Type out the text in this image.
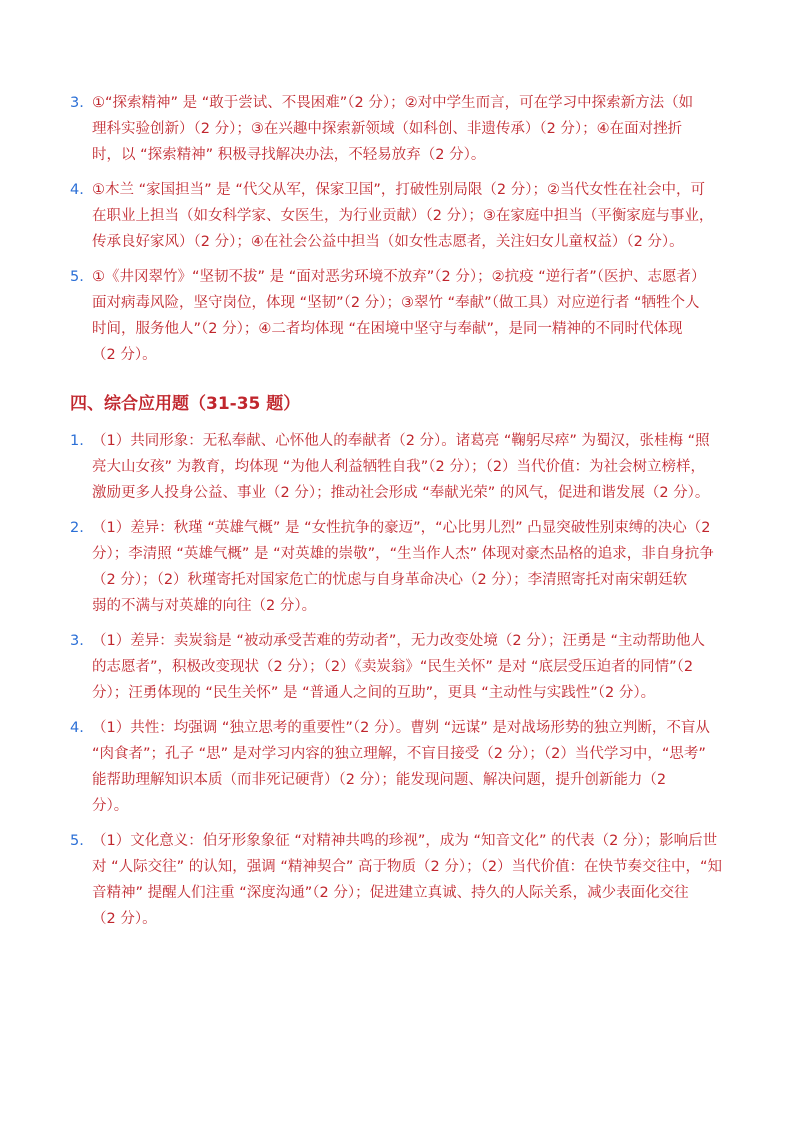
3. ①“探索精神” 是 “敢于尝试、不畏困难”（2 分）；②对中学生而言，可在学习中探索新方法（如
理科实验创新）（2 分）；③在兴趣中探索新领域（如科创、非遗传承）（2 分）；④在面对挫折
时，以 “探索精神” 积极寻找解决办法，不轻易放弃（2 分）。
4. ①木兰 “家国担当” 是 “代父从军，保家卫国”，打破性别局限（2 分）；②当代女性在社会中，可
在职业上担当（如女科学家、女医生，为行业贡献）（2 分）；③在家庭中担当（平衡家庭与事业，
传承良好家风）（2 分）；④在社会公益中担当（如女性志愿者，关注妇女儿童权益）（2 分）。
5. ①《井冈翠竹》“坚韧不拔” 是 “面对恶劣环境不放弃”（2 分）；②抗疫 “逆行者”（医护、志愿者）
面对病毒风险，坚守岗位，体现 “坚韧”（2 分）；③翠竹 “奉献”（做工具）对应逆行者 “牺牲个人
时间，服务他人”（2 分）；④二者均体现 “在困境中坚守与奉献”，是同一精神的不同时代体现
（2 分）。
四、综合应用题（31-35 题）
1. （1）共同形象：无私奉献、心怀他人的奉献者（2 分）。诸葛亮 “鞠躬尽瘁” 为蜀汉，张桂梅 “照
亮大山女孩” 为教育，均体现 “为他人利益牺牲自我”（2 分）；（2）当代价值：为社会树立榜样，
激励更多人投身公益、事业（2 分）；推动社会形成 “奉献光荣” 的风气，促进和谐发展（2 分）。
2. （1）差异：秋瑾 “英雄气概” 是 “女性抗争的豪迈”，“心比男儿烈” 凸显突破性别束缚的决心（2
分）；李清照 “英雄气概” 是 “对英雄的崇敬”，“生当作人杰” 体现对豪杰品格的追求，非自身抗争
（2 分）；（2）秋瑾寄托对国家危亡的忧虑与自身革命决心（2 分）；李清照寄托对南宋朝廷软
弱的不满与对英雄的向往（2 分）。
3. （1）差异：卖炭翁是 “被动承受苦难的劳动者”，无力改变处境（2 分）；汪勇是 “主动帮助他人
的志愿者”，积极改变现状（2 分）；（2）《卖炭翁》“民生关怀” 是对 “底层受压迫者的同情”（2
分）；汪勇体现的 “民生关怀” 是 “普通人之间的互助”，更具 “主动性与实践性”（2 分）。
4. （1）共性：均强调 “独立思考的重要性”（2 分）。曹刿 “远谋” 是对战场形势的独立判断，不盲从
“肉食者”；孔子 “思” 是对学习内容的独立理解，不盲目接受（2 分）；（2）当代学习中，“思考”
能帮助理解知识本质（而非死记硬背）（2 分）；能发现问题、解决问题，提升创新能力（2
分）。
5. （1）文化意义：伯牙形象象征 “对精神共鸣的珍视”，成为 “知音文化” 的代表（2 分）；影响后世
对 “人际交往” 的认知，强调 “精神契合” 高于物质（2 分）；（2）当代价值：在快节奏交往中，“知
音精神” 提醒人们注重 “深度沟通”（2 分）；促进建立真诚、持久的人际关系，减少表面化交往
（2 分）。
